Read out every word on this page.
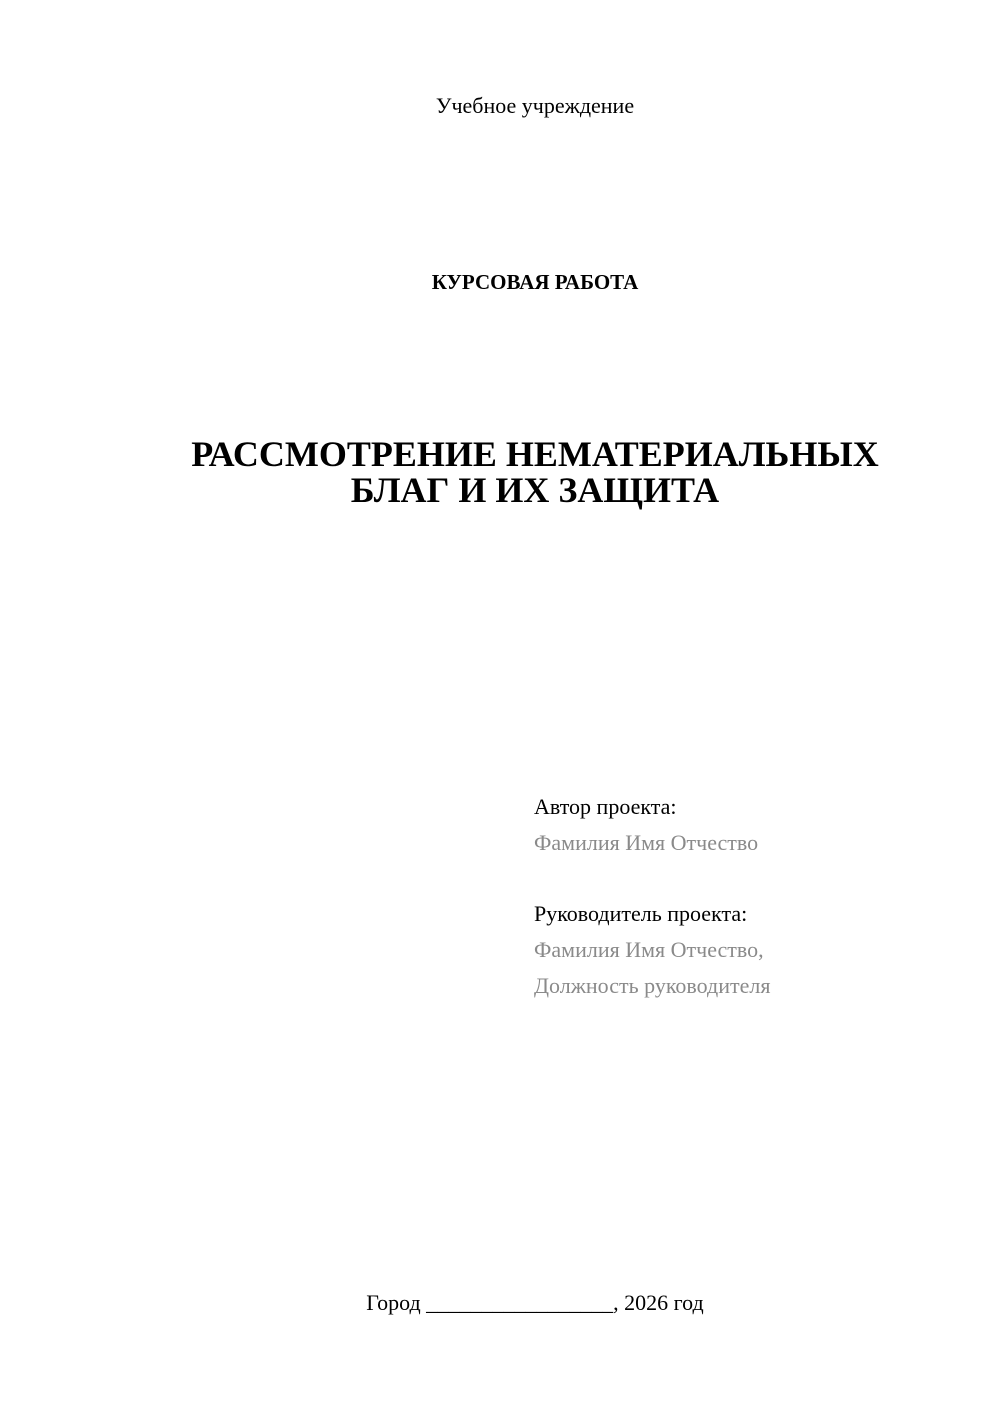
Учебное учреждение
КУРСОВАЯ РАБОТА
РАССМОТРЕНИЕ НЕМАТЕРИАЛЬНЫХ
БЛАГ И ИХ ЗАЩИТА
Автор проекта:
Фамилия Имя Отчество
Руководитель проекта:
Фамилия Имя Отчество,
Должность руководителя
Город _________________, 2026 год
